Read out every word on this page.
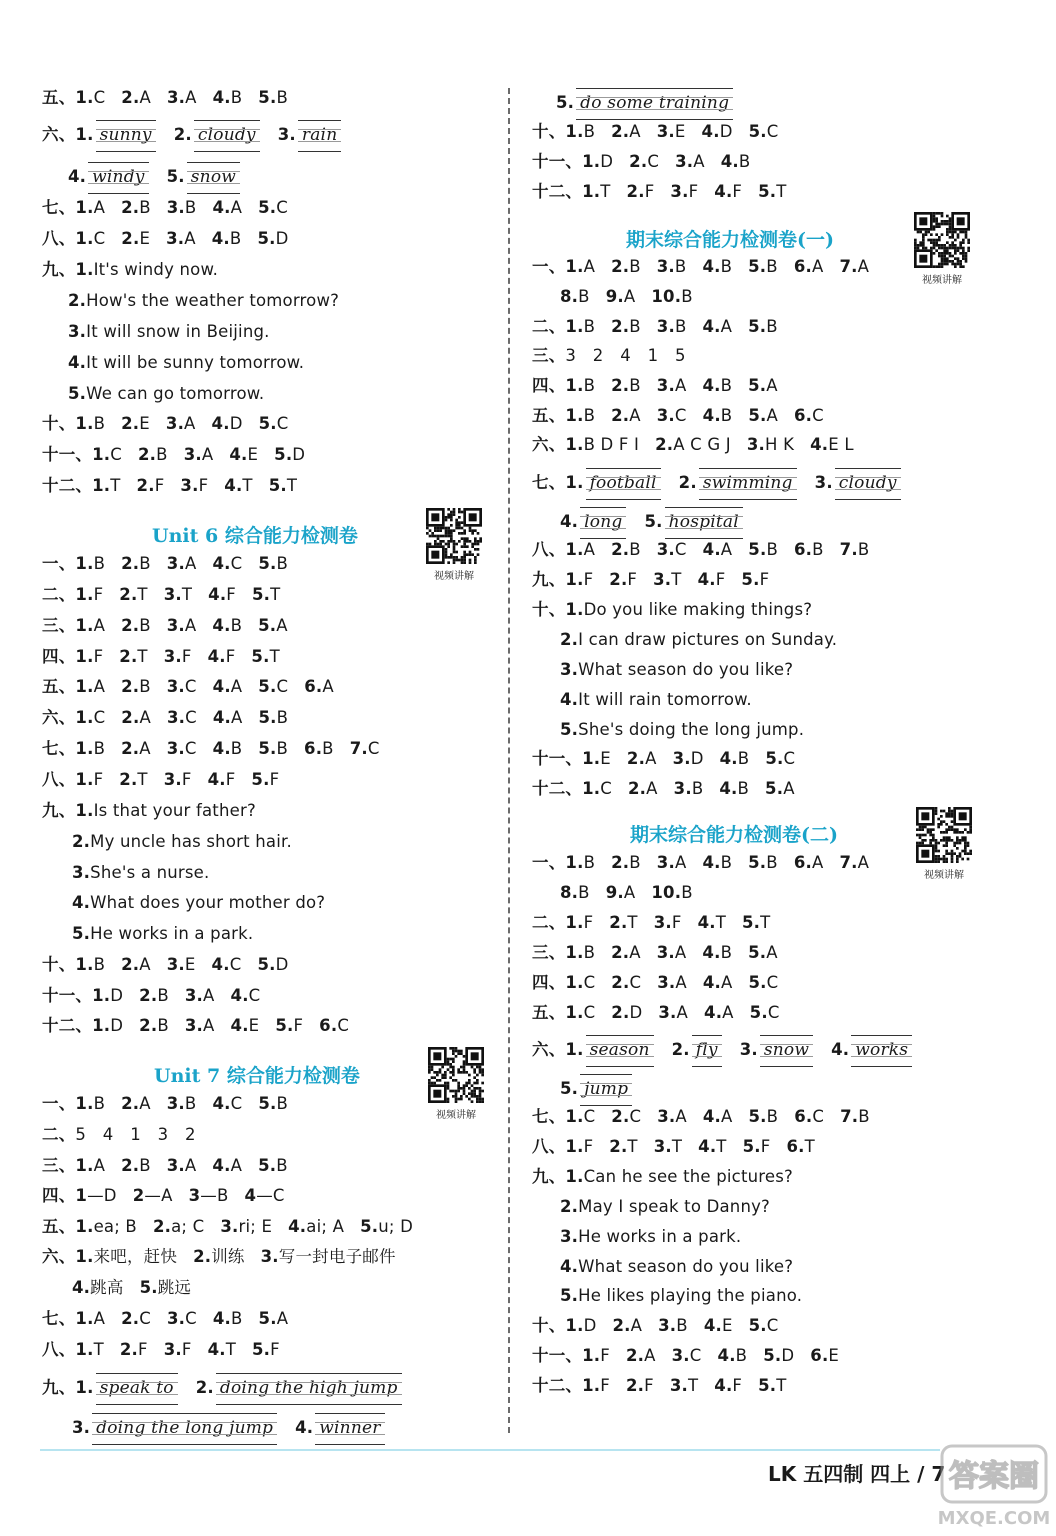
五、1.C 2.A 3.A 4.B 5.B
六、1. sunny 2. cloudy 3. rain
4. windy 5. snow
七、1.A 2.B 3.B 4.A 5.C
八、1.C 2.E 3.A 4.B 5.D
九、1.It's windy now.
2.How's the weather tomorrow?
3.It will snow in Beijing.
4.It will be sunny tomorrow.
5.We can go tomorrow.
十、1.B 2.E 3.A 4.D 5.C
十一、1.C 2.B 3.A 4.E 5.D
十二、1.T 2.F 3.F 4.T 5.T
一、1.B 2.B 3.A 4.C 5.B
二、1.F 2.T 3.T 4.F 5.T
三、1.A 2.B 3.A 4.B 5.A
四、1.F 2.T 3.F 4.F 5.T
五、1.A 2.B 3.C 4.A 5.C 6.A
六、1.C 2.A 3.C 4.A 5.B
七、1.B 2.A 3.C 4.B 5.B 6.B 7.C
八、1.F 2.T 3.F 4.F 5.F
九、1.Is that your father?
2.My uncle has short hair.
3.She's a nurse.
4.What does your mother do?
5.He works in a park.
十、1.B 2.A 3.E 4.C 5.D
十一、1.D 2.B 3.A 4.C
十二、1.D 2.B 3.A 4.E 5.F 6.C
一、1.B 2.A 3.B 4.C 5.B
二、5　4　1　3　2
三、1.A 2.B 3.A 4.A 5.B
四、1—D 2—A 3—B 4—C
五、1.ea; B 2.a; C 3.ri; E 4.ai; A 5.u; D
六、1.来吧，赶快 2.训练 3.写一封电子邮件
4.跳高 5.跳远
七、1.A 2.C 3.C 4.B 5.A
八、1.T 2.F 3.F 4.T 5.F
九、1. speak to 2. doing the high jump
3. doing the long jump 4. winner
5. do some training
十、1.B 2.A 3.E 4.D 5.C
十一、1.D 2.C 3.A 4.B
十二、1.T 2.F 3.F 4.F 5.T
一、1.A 2.B 3.B 4.B 5.B 6.A 7.A
8.B 9.A 10.B
二、1.B 2.B 3.B 4.A 5.B
三、3　2　4　1　5
四、1.B 2.B 3.A 4.B 5.A
五、1.B 2.A 3.C 4.B 5.A 6.C
六、1.B D F I 2.A C G J 3.H K 4.E L
七、1. football 2. swimming 3. cloudy
4. long 5. hospital
八、1.A 2.B 3.C 4.A 5.B 6.B 7.B
九、1.F 2.F 3.T 4.F 5.F
十、1.Do you like making things?
2.I can draw pictures on Sunday.
3.What season do you like?
4.It will rain tomorrow.
5.She's doing the long jump.
十一、1.E 2.A 3.D 4.B 5.C
十二、1.C 2.A 3.B 4.B 5.A
一、1.B 2.B 3.A 4.B 5.B 6.A 7.A
8.B 9.A 10.B
二、1.F 2.T 3.F 4.T 5.T
三、1.B 2.A 3.A 4.B 5.A
四、1.C 2.C 3.A 4.A 5.C
五、1.C 2.D 3.A 4.A 5.C
六、1. season 2. fly 3. snow 4. works
5. jump
七、1.C 2.C 3.A 4.A 5.B 6.C 7.B
八、1.F 2.T 3.T 4.T 5.F 6.T
九、1.Can he see the pictures?
2.May I speak to Danny?
3.He works in a park.
4.What season do you like?
5.He likes playing the piano.
十、1.D 2.A 3.B 4.E 5.C
十一、1.F 2.A 3.C 4.B 5.D 6.E
十二、1.F 2.F 3.T 4.F 5.T
Unit 6 综合能力检测卷
Unit 7 综合能力检测卷
期末综合能力检测卷(一)
期末综合能力检测卷(二)
视频讲解
视频讲解
视频讲解
视频讲解
LK 五四制 四上 / 7 答案圈
MXQE.COM
